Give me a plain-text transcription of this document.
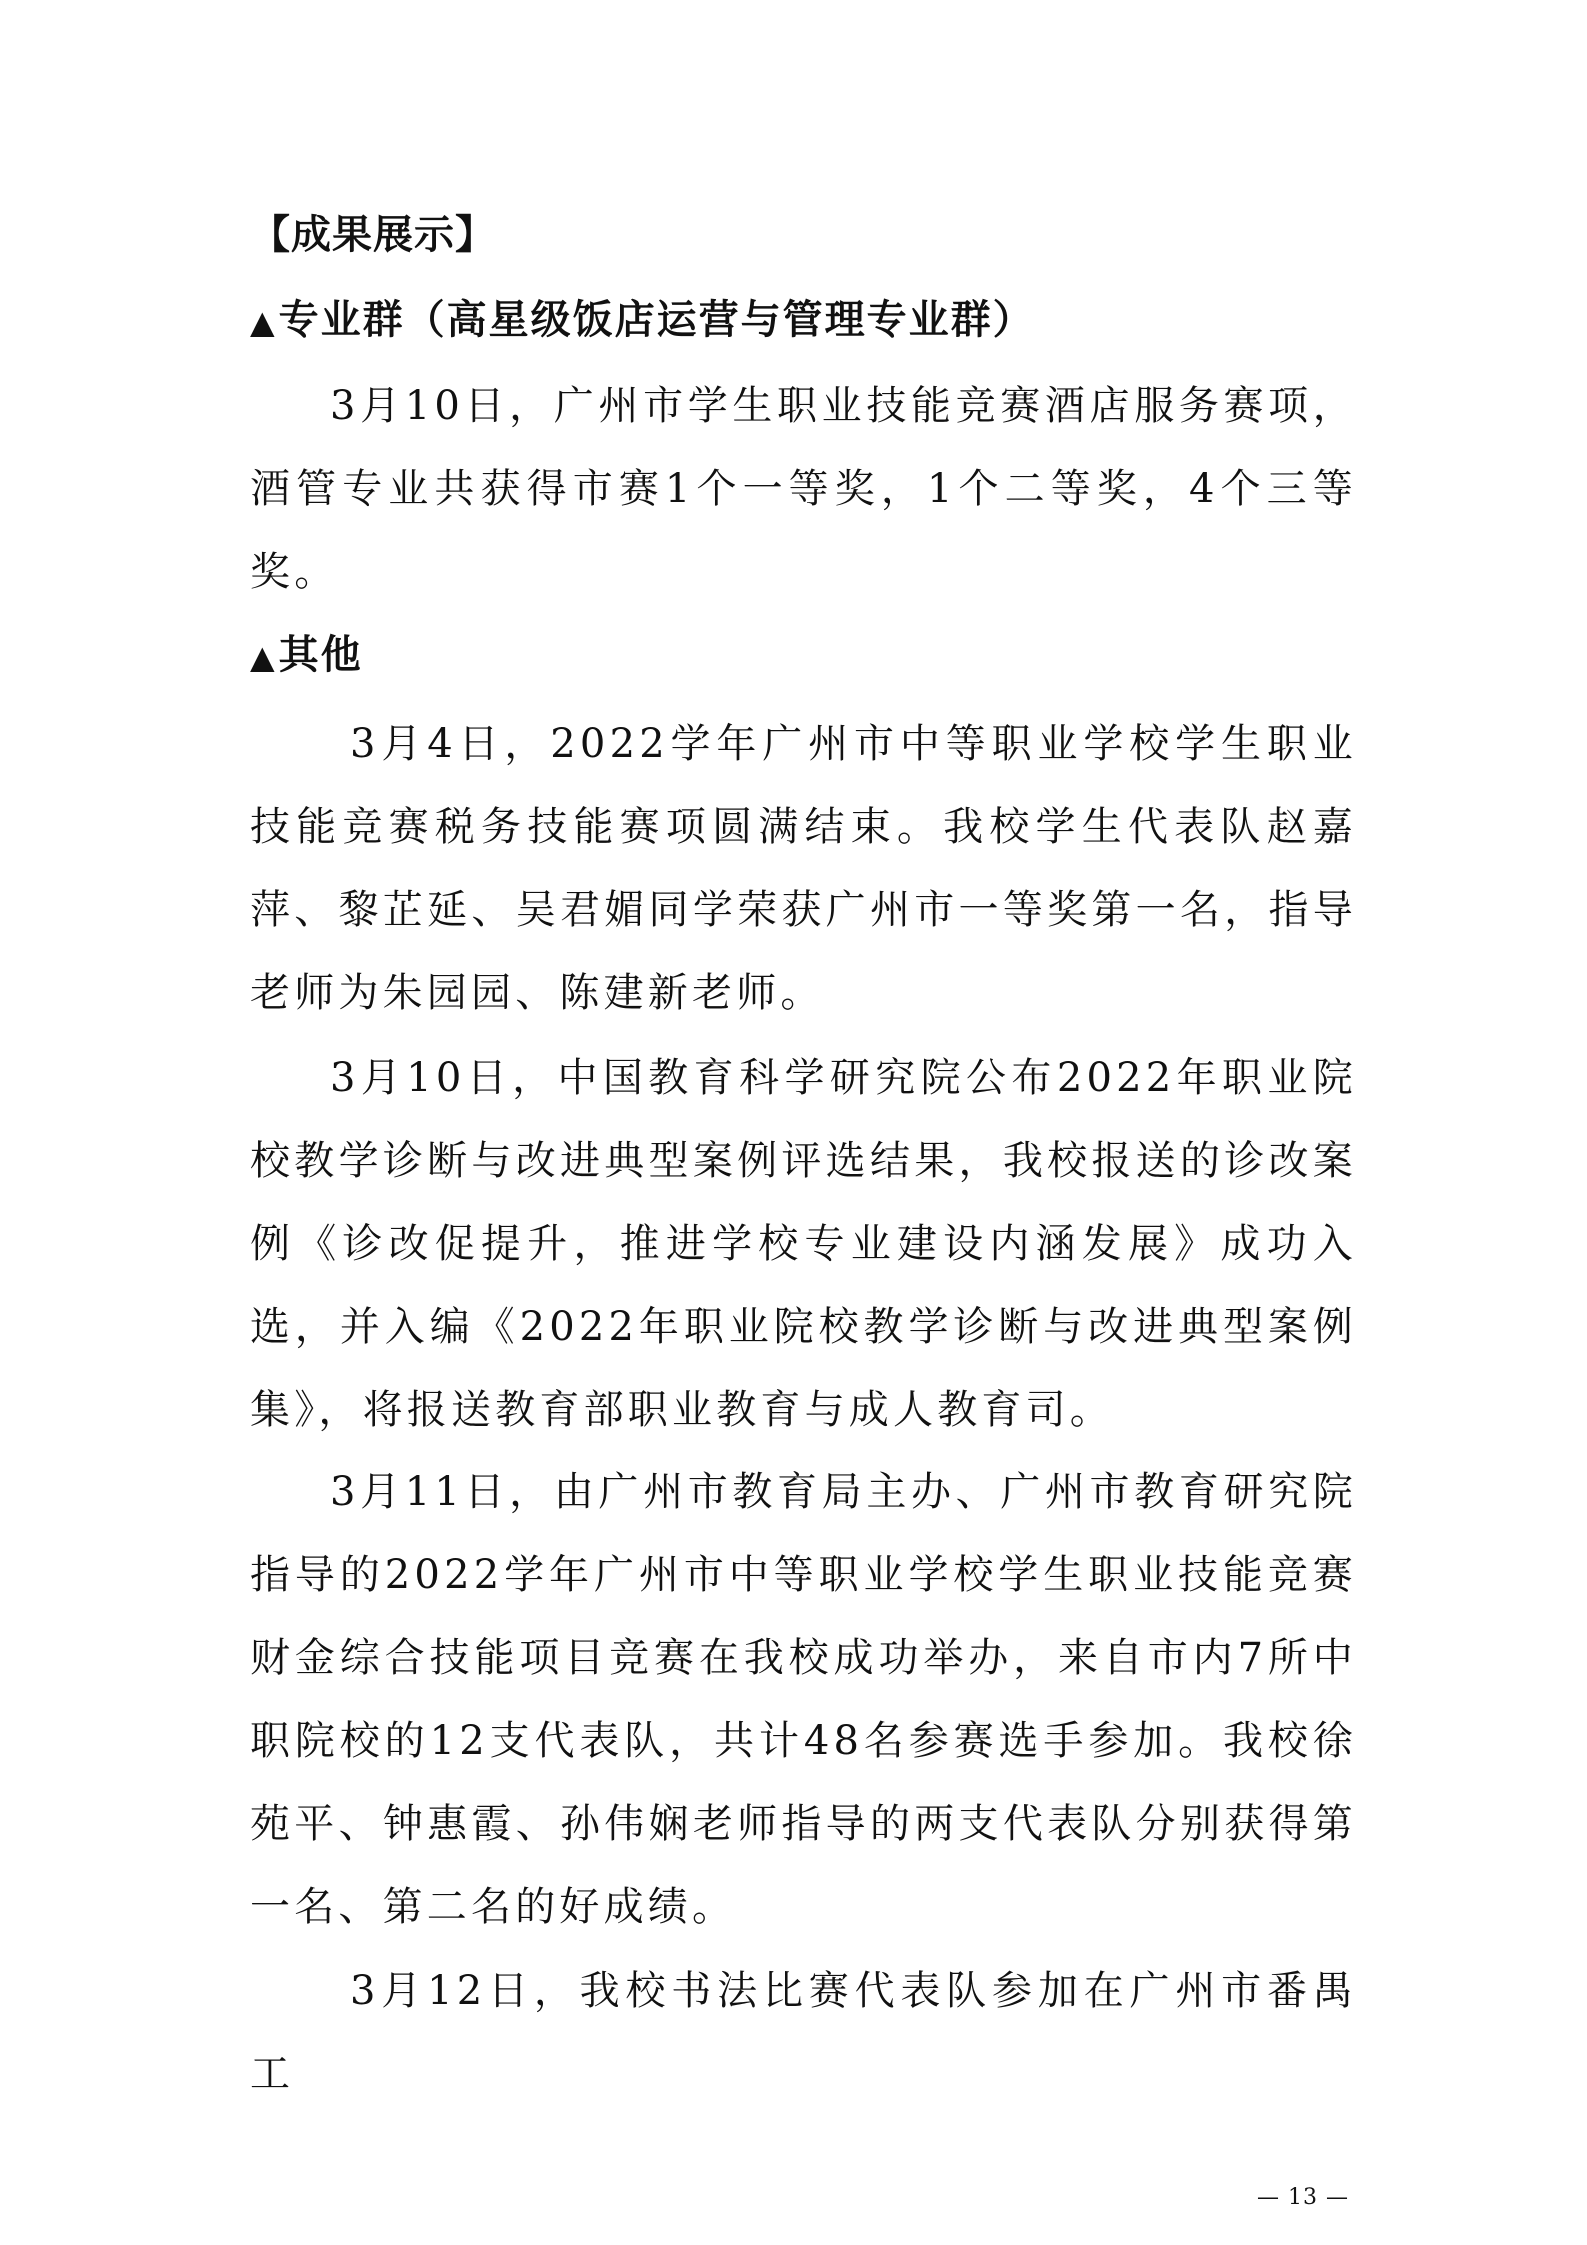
【成果展示】
▲专业群（高星级饭店运营与管理专业群）

3月10日，广州市学生职业技能竞赛酒店服务赛项，酒管专业共获得市赛1个一等奖，1个二等奖，4个三等奖。

▲其他

3月4日，2022学年广州市中等职业学校学生职业技能竞赛税务技能赛项圆满结束。我校学生代表队赵嘉萍、黎芷延、吴君媚同学荣获广州市一等奖第一名，指导老师为朱园园、陈建新老师。

3月10日，中国教育科学研究院公布2022年职业院校教学诊断与改进典型案例评选结果，我校报送的诊改案例《诊改促提升，推进学校专业建设内涵发展》成功入选，并入编《2022年职业院校教学诊断与改进典型案例集》，将报送教育部职业教育与成人教育司。

3月11日，由广州市教育局主办、广州市教育研究院指导的2022学年广州市中等职业学校学生职业技能竞赛财金综合技能项目竞赛在我校成功举办，来自市内7所中职院校的12支代表队，共计48名参赛选手参加。我校徐苑平、钟惠霞、孙伟娴老师指导的两支代表队分别获得第一名、第二名的好成绩。

3月12日，我校书法比赛代表队参加在广州市番禺工

— 13 —
